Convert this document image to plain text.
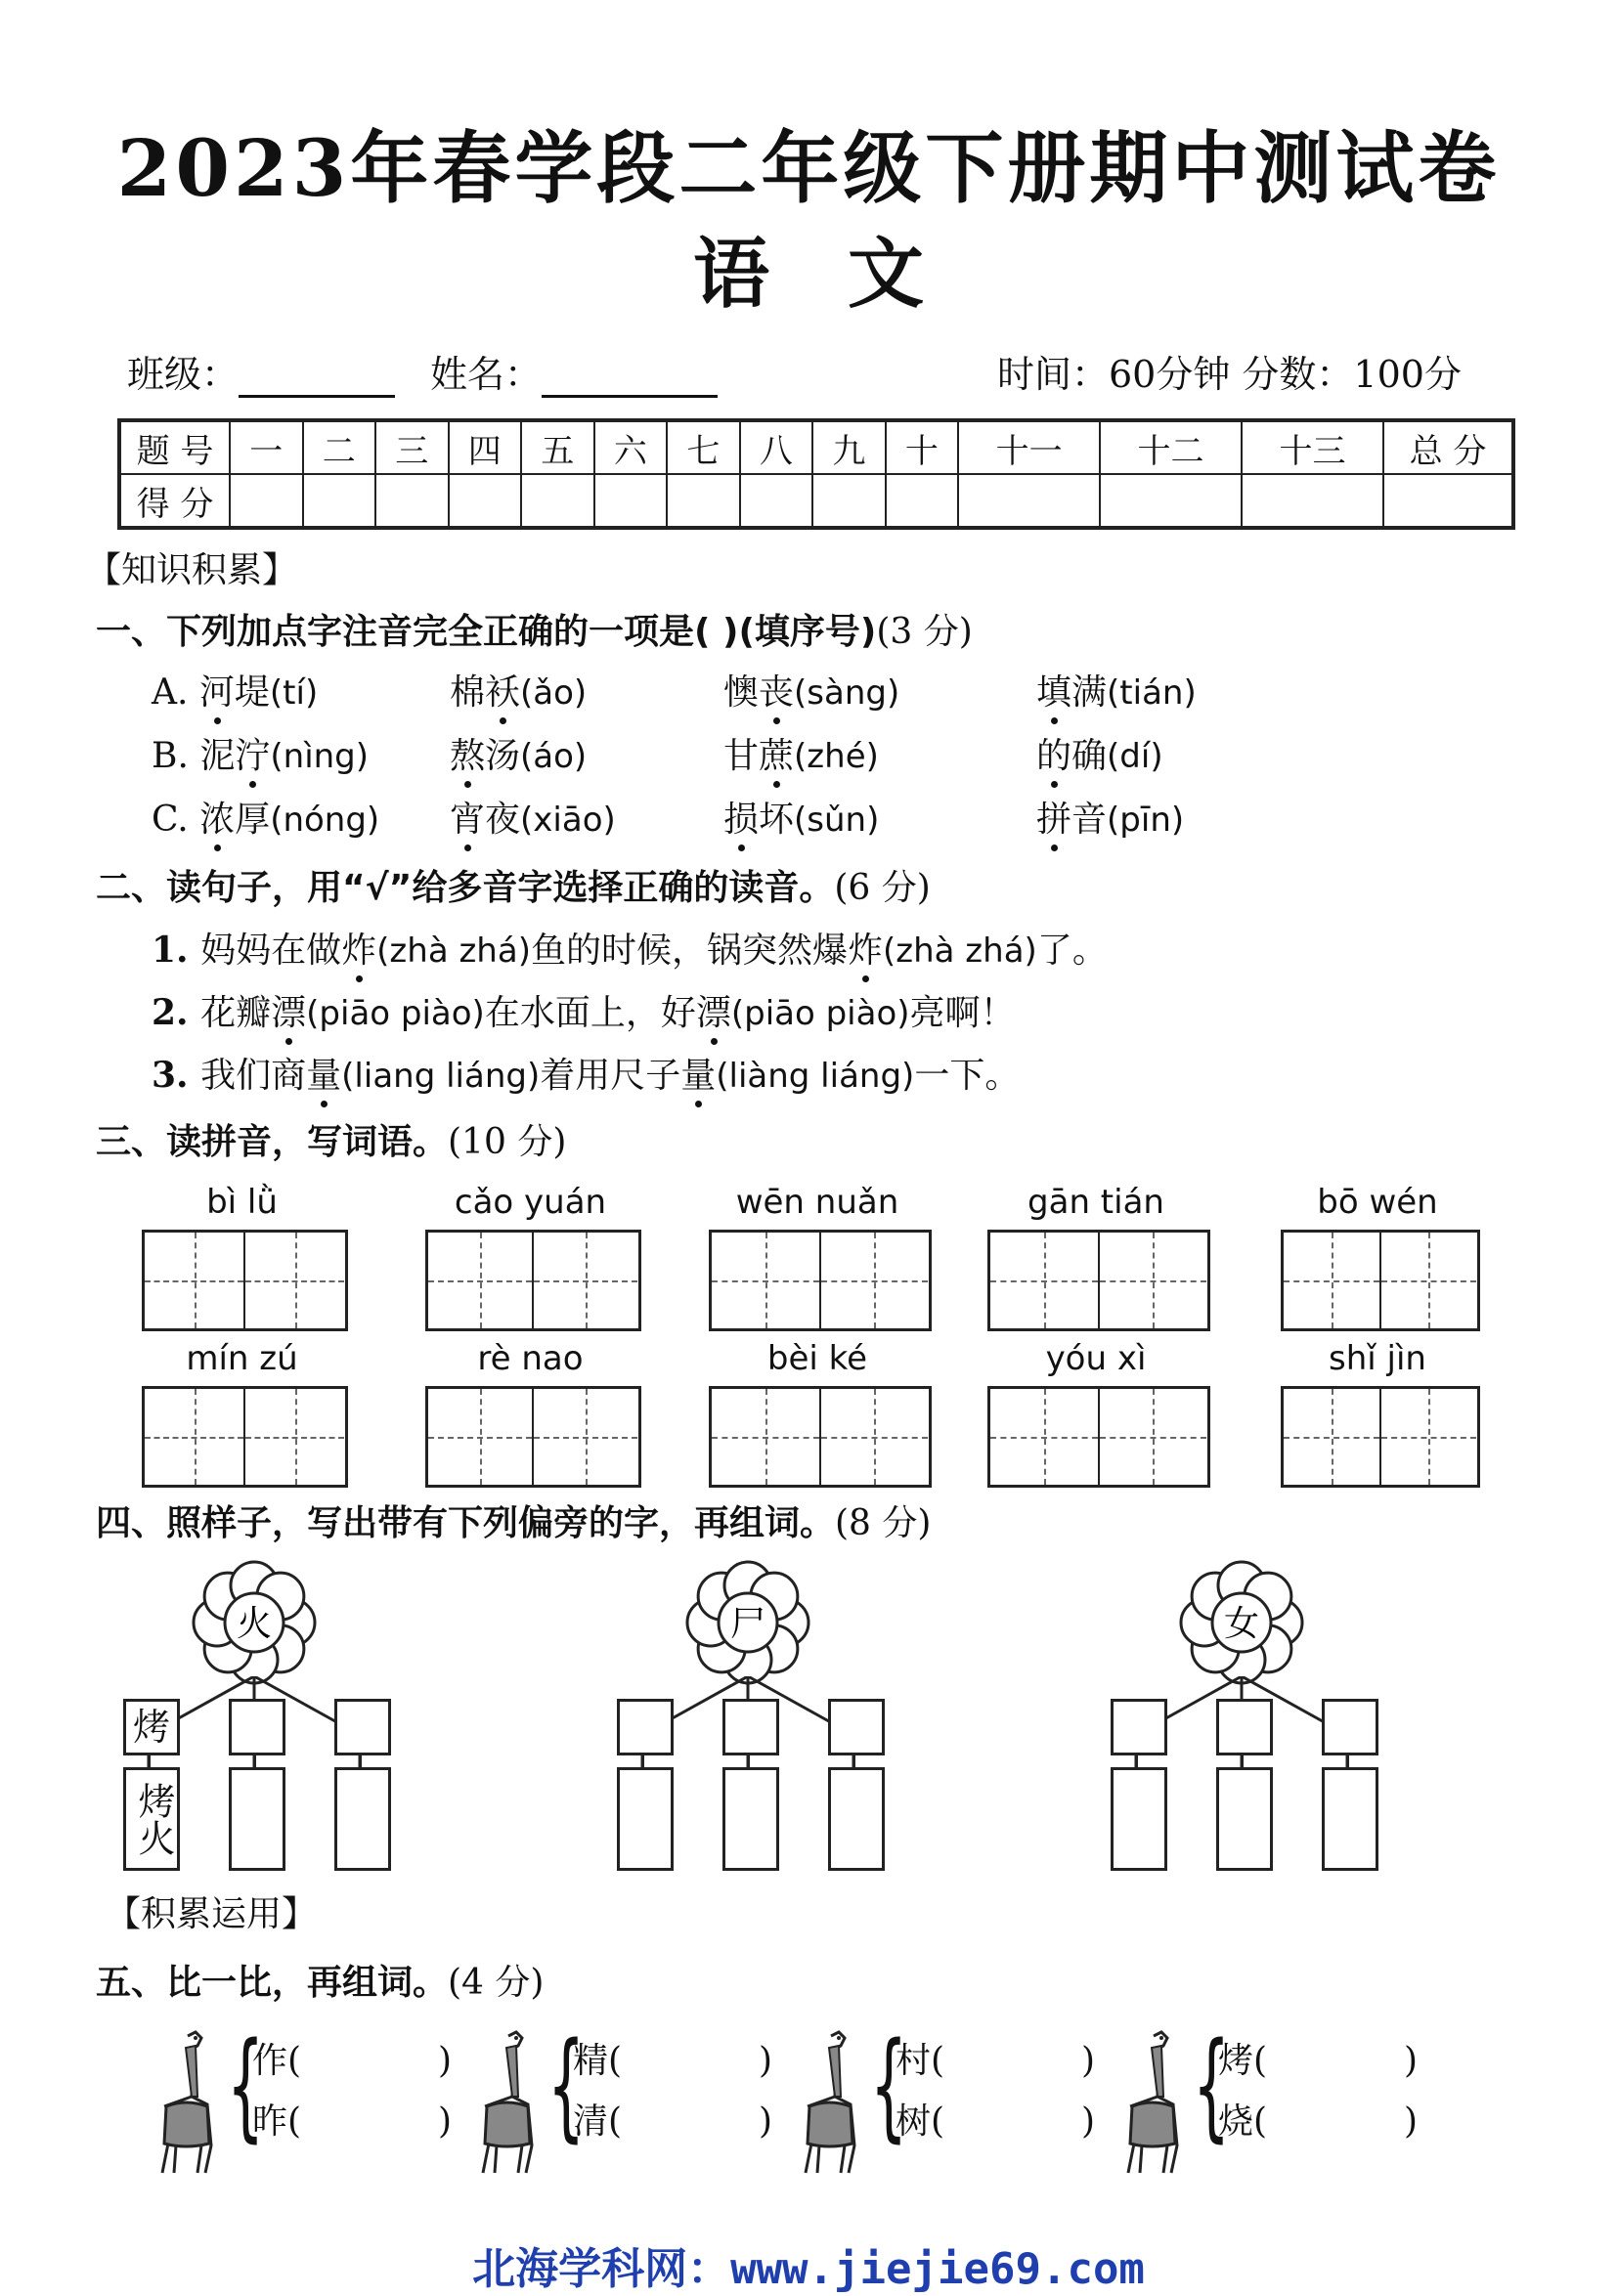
2023年春学段二年级下册期中测试卷
语 文
班级：	姓名：	时间：60分钟 分数：100分
题 号	一	二	三	四	五	六	七	八	九	十	十一	十二	十三	总 分
得 分														
【知识积累】
一、下列加点字注音完全正确的一项是( )(填序号)(3 分)
二、读句子，用“√”给多音字选择正确的读音。(6 分)
三、读拼音，写词语。(10 分)
四、照样子，写出带有下列偏旁的字，再组词。(8 分)
【积累运用】
五、比一比，再组词。(4 分)
北海学科网：www.jiejie69.com
A. 河堤(tí)	棉袄(ǎo)	懊丧(sàng)	填满(tián)
B. 泥泞(nìng) 熬汤(áo)	甘蔗(zhé)	的确(dí)
C. 浓厚(nóng) 宵夜(xiāo)	损坏(sǔn)	拼音(pīn)
1. 妈妈在做炸(zhà zhá)鱼的时候，锅突然爆炸(zhà zhá)了。
2. 花瓣漂(piāo piào)在水面上，好漂(piāo piào)亮啊！
3. 我们商量(liang liáng)着用尺子量(liàng liáng)一下。
bì lǜ	cǎo yuán	wēn nuǎn	gān tián	bō wén
mín zú	rè nao	bèi ké	yóu xì	shǐ jìn
火
烤
烤火
尸	女
{
作(	)
昨(	) {
精(	)
清(	) {
村(	)
树(	) {
烤(	)
烧(	)
